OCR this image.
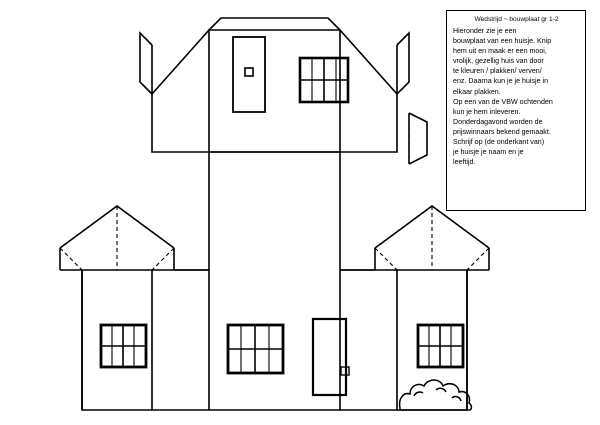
Wedstrijd ~ bouwplaat gr 1-2
Hieronder zie je een
bouwplaat van een huisje. Knip
hem uit en maak er een mooi,
vrolijk, gezellig huis van door
te kleuren / plakken/ verven/
enz. Daarna kun je je huisje in
elkaar plakken.
Op een van de VBW ochtenden
kun je hem inleveren.
Donderdagavond worden de
prijswinnaars bekend gemaakt.
Schrijf op (de onderkant van)
je huisje je naam en je
leeftijd.
